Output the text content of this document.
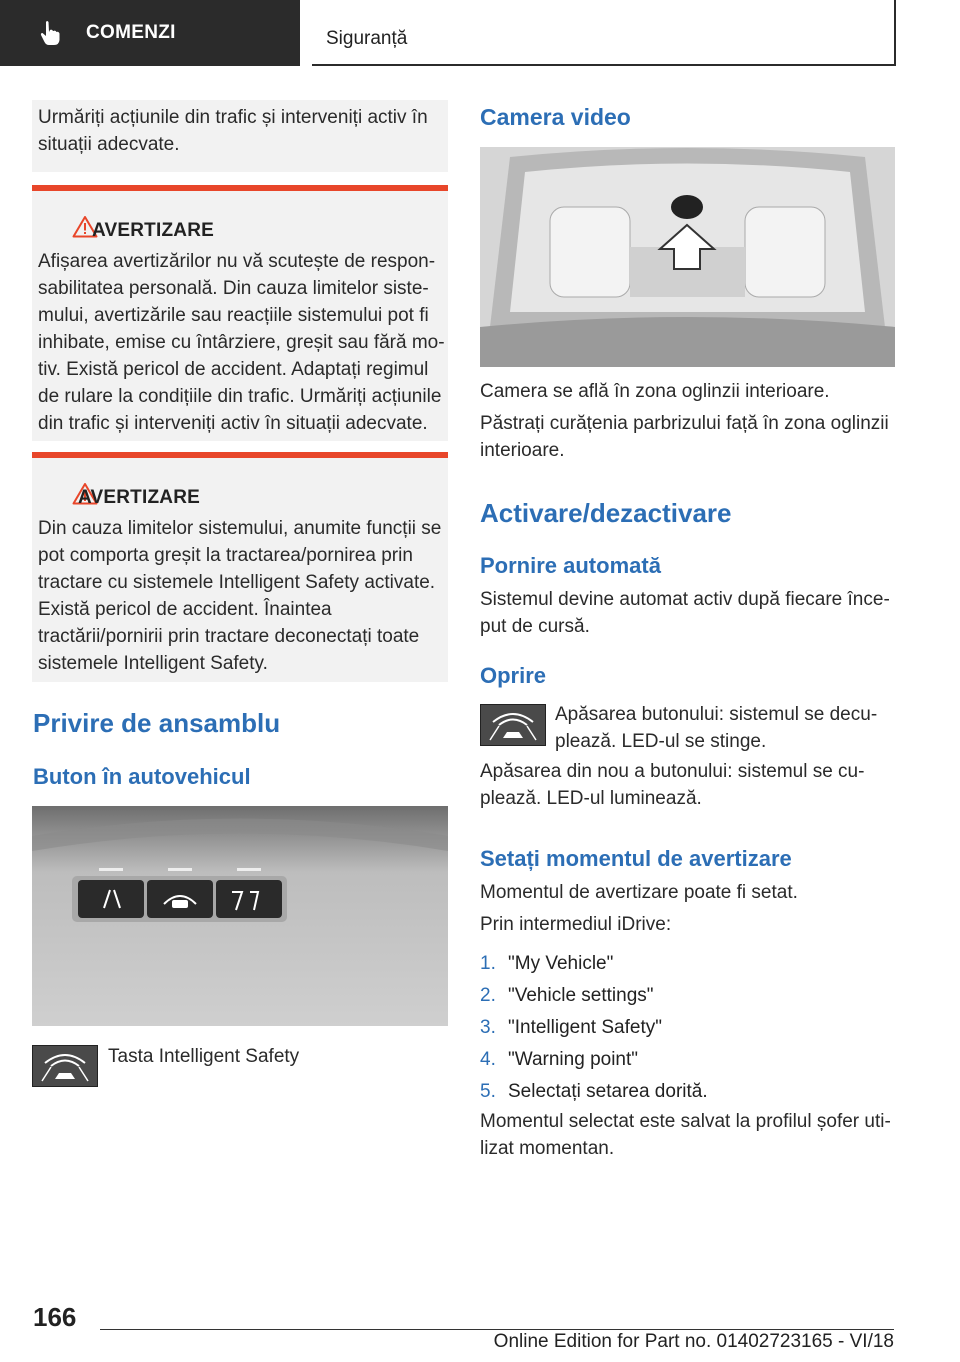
COMENZI	Siguranță
Urmăriți acțiunile din trafic și interveniți activ în situații adecvate.
AVERTIZARE
Afișarea avertizărilor nu vă scutește de responsabilitatea personală. Din cauza limitelor sistemului, avertizările sau reacțiile sistemului pot fi inhibate, emise cu întârziere, greșit sau fără motiv. Există pericol de accident. Adaptați regimul de rulare la condițiile din trafic. Urmăriți acțiunile din trafic și interveniți activ în situații adecvate.
AVERTIZARE
Din cauza limitelor sistemului, anumite funcții se pot comporta greșit la tractarea/pornirea prin tractare cu sistemele Intelligent Safety activate. Există pericol de accident. Înaintea tractării/pornirii prin tractare deconectați toate sistemele Intelligent Safety.
Privire de ansamblu
Buton în autovehicul
Tasta Intelligent Safety
Camera video
Camera se află în zona oglinzii interioare.
Păstrați curățenia parbrizului față în zona oglinzii interioare.
Activare/dezactivare
Pornire automată
Sistemul devine automat activ după fiecare început de cursă.
Oprire
Apăsarea butonului: sistemul se decuplează. LED-ul se stinge.
Apăsarea din nou a butonului: sistemul se cuplează. LED-ul luminează.
Setați momentul de avertizare
Momentul de avertizare poate fi setat.
Prin intermediul iDrive:
1. "My Vehicle"
2. "Vehicle settings"
3. "Intelligent Safety"
4. "Warning point"
5. Selectați setarea dorită.
Momentul selectat este salvat la profilul șofer utilizat momentan.
166
Online Edition for Part no. 01402723165 - VI/18
